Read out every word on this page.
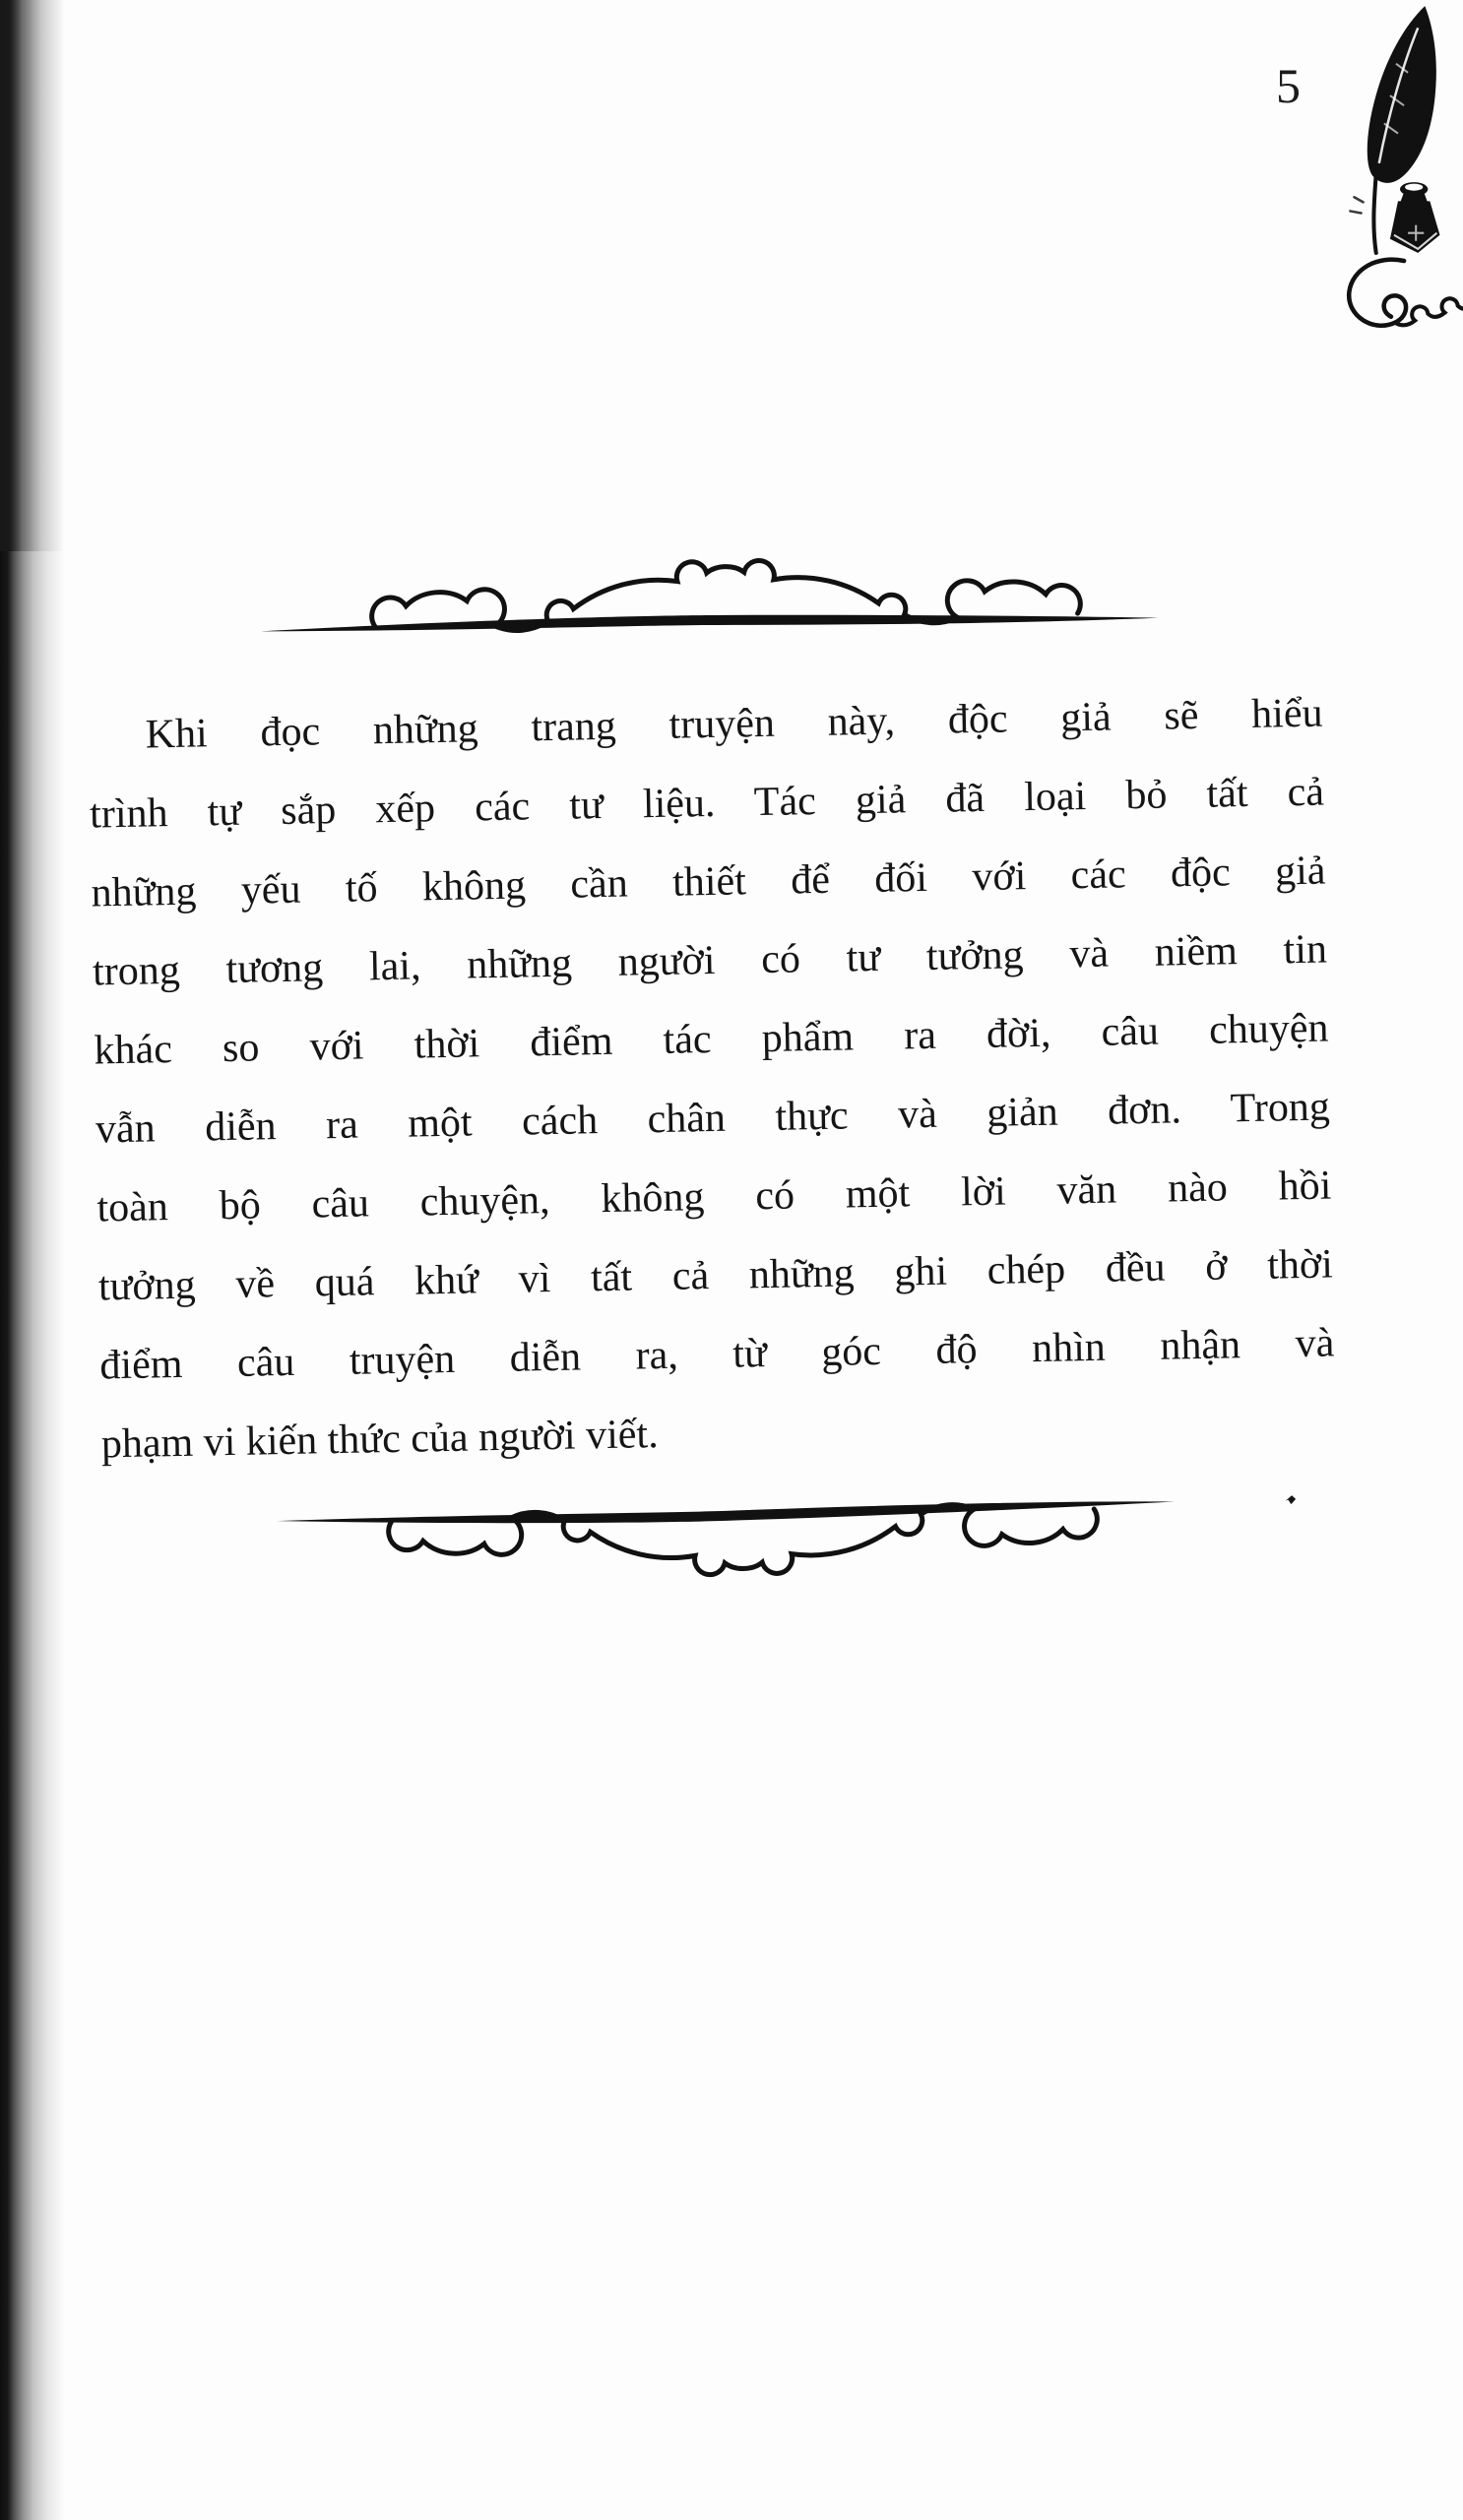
5
Khi đọc những trang truyện này, độc giả sẽ hiểu
trình tự sắp xếp các tư liệu. Tác giả đã loại bỏ tất cả
những yếu tố không cần thiết để đối với các độc giả
trong tương lai, những người có tư tưởng và niềm tin
khác so với thời điểm tác phẩm ra đời, câu chuyện
vẫn diễn ra một cách chân thực và giản đơn. Trong
toàn bộ câu chuyện, không có một lời văn nào hồi
tưởng về quá khứ vì tất cả những ghi chép đều ở thời
điểm câu truyện diễn ra, từ góc độ nhìn nhận và
phạm vi kiến thức của người viết.
